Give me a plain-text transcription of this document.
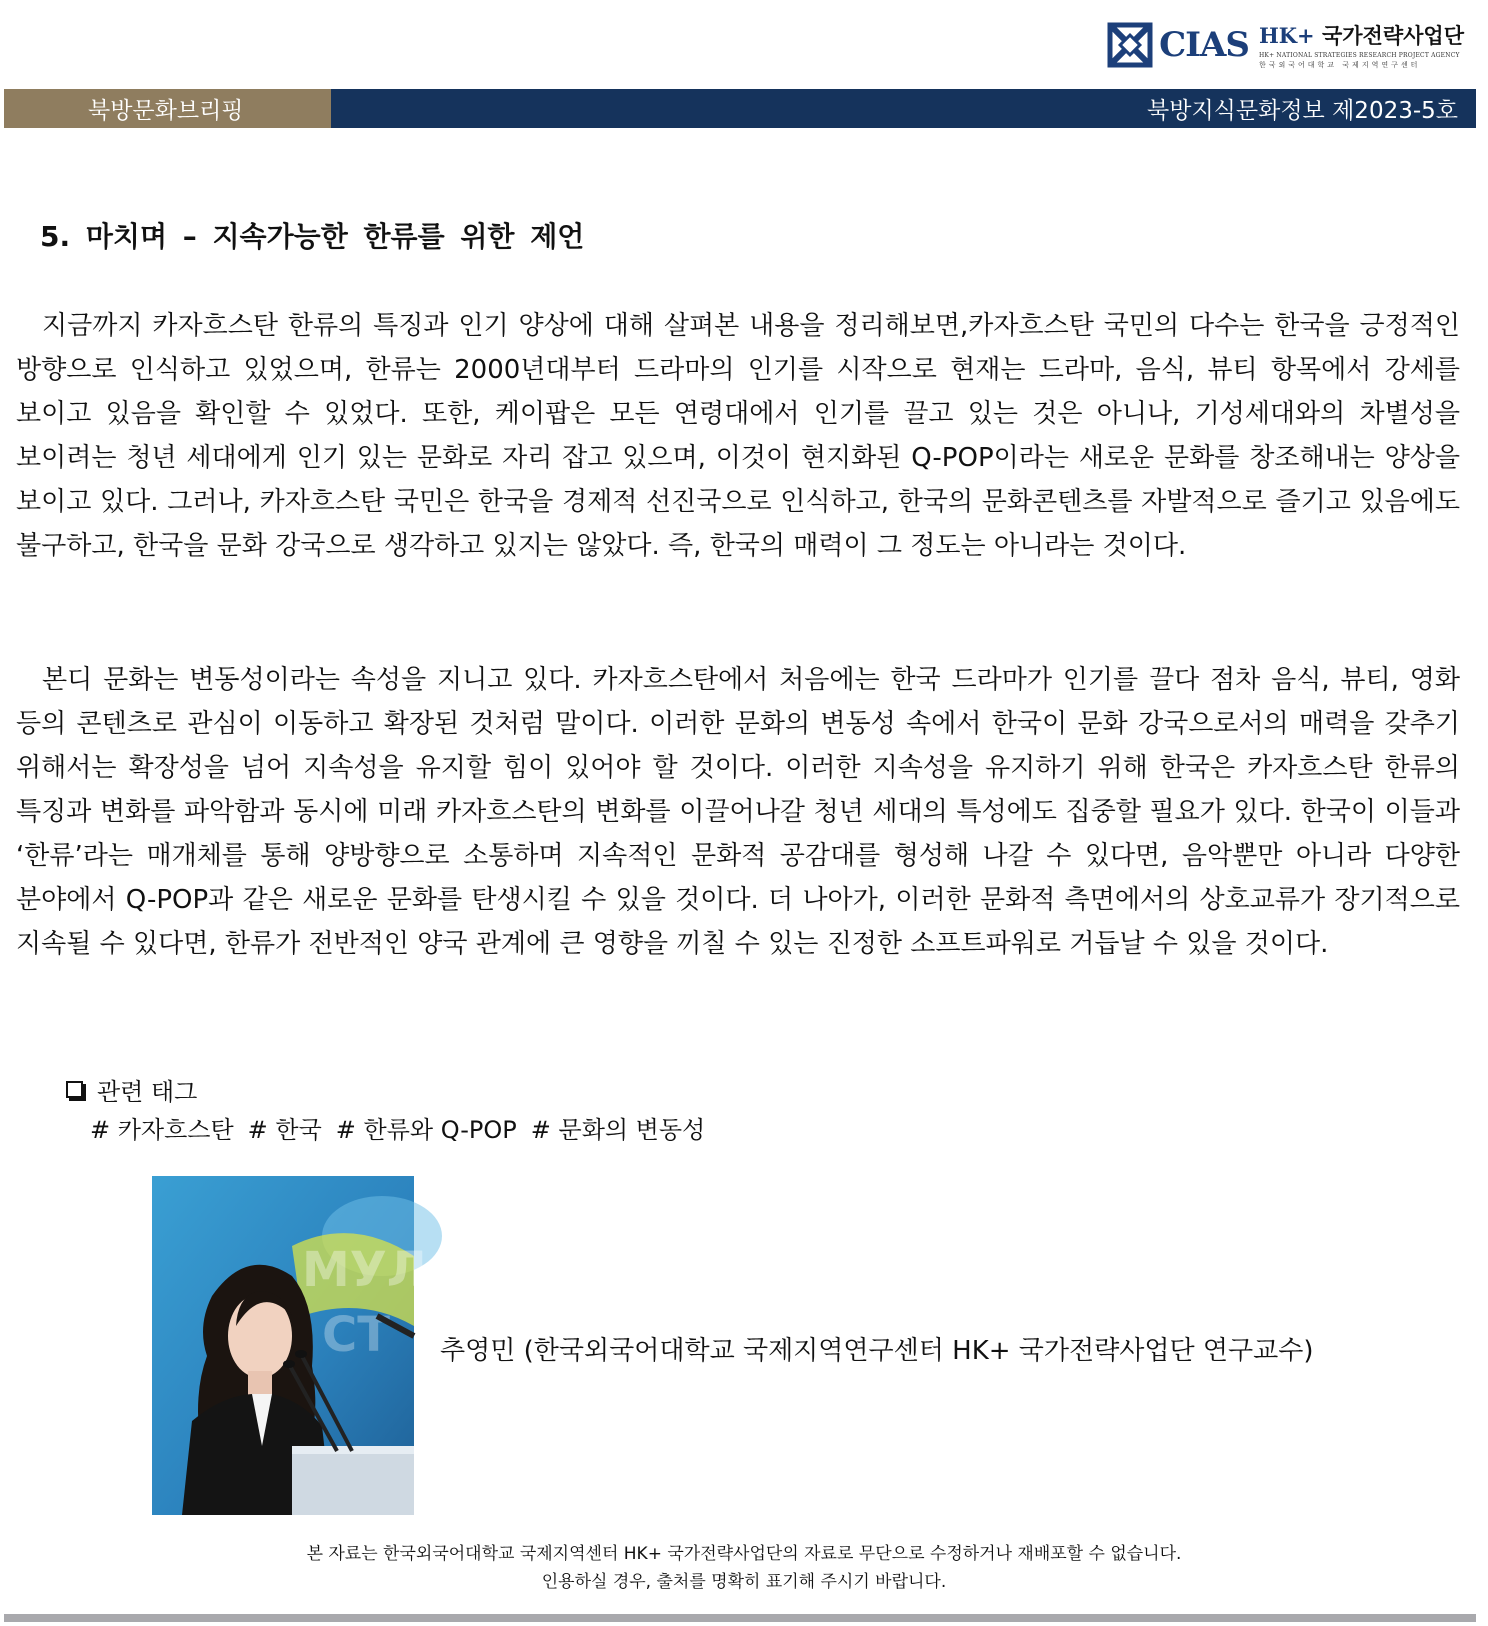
CIAS HK+ 국가전략사업단
HK+ NATIONAL STRATEGIES RESEARCH PROJECT AGENCY
한국외국어대학교 국제지역연구센터
북방문화브리핑	북방지식문화정보 제2023-5호
5. 마치며 – 지속가능한 한류를 위한 제언

지금까지 카자흐스탄 한류의 특징과 인기 양상에 대해 살펴본 내용을 정리해보면,카자흐스탄 국민의 다수는 한국을 긍정적인 방향으로 인식하고 있었으며, 한류는 2000년대부터 드라마의 인기를 시작으로 현재는 드라마, 음식, 뷰티 항목에서 강세를 보이고 있음을 확인할 수 있었다. 또한, 케이팝은 모든 연령대에서 인기를 끌고 있는 것은 아니나, 기성세대와의 차별성을 보이려는 청년 세대에게 인기 있는 문화로 자리 잡고 있으며, 이것이 현지화된 Q-POP이라는 새로운 문화를 창조해내는 양상을 보이고 있다. 그러나, 카자흐스탄 국민은 한국을 경제적 선진국으로 인식하고, 한국의 문화콘텐츠를 자발적으로 즐기고 있음에도 불구하고, 한국을 문화 강국으로 생각하고 있지는 않았다. 즉, 한국의 매력이 그 정도는 아니라는 것이다.

본디 문화는 변동성이라는 속성을 지니고 있다. 카자흐스탄에서 처음에는 한국 드라마가 인기를 끌다 점차 음식, 뷰티, 영화 등의 콘텐츠로 관심이 이동하고 확장된 것처럼 말이다. 이러한 문화의 변동성 속에서 한국이 문화 강국으로서의 매력을 갖추기 위해서는 확장성을 넘어 지속성을 유지할 힘이 있어야 할 것이다. 이러한 지속성을 유지하기 위해 한국은 카자흐스탄 한류의 특징과 변화를 파악함과 동시에 미래 카자흐스탄의 변화를 이끌어나갈 청년 세대의 특성에도 집중할 필요가 있다. 한국이 이들과 ‘한류’라는 매개체를 통해 양방향으로 소통하며 지속적인 문화적 공감대를 형성해 나갈 수 있다면, 음악뿐만 아니라 다양한 분야에서 Q-POP과 같은 새로운 문화를 탄생시킬 수 있을 것이다. 더 나아가, 이러한 문화적 측면에서의 상호교류가 장기적으로 지속될 수 있다면, 한류가 전반적인 양국 관계에 큰 영향을 끼칠 수 있는 진정한 소프트파워로 거듭날 수 있을 것이다.

관련 태그
# 카자흐스탄 # 한국 # 한류와 Q-POP # 문화의 변동성
МУЛ
СТ 추영민 (한국외국어대학교 국제지역연구센터 HK+ 국가전략사업단 연구교수)
본 자료는 한국외국어대학교 국제지역센터 HK+ 국가전략사업단의 자료로 무단으로 수정하거나 재배포할 수 없습니다.
인용하실 경우, 출처를 명확히 표기해 주시기 바랍니다.
